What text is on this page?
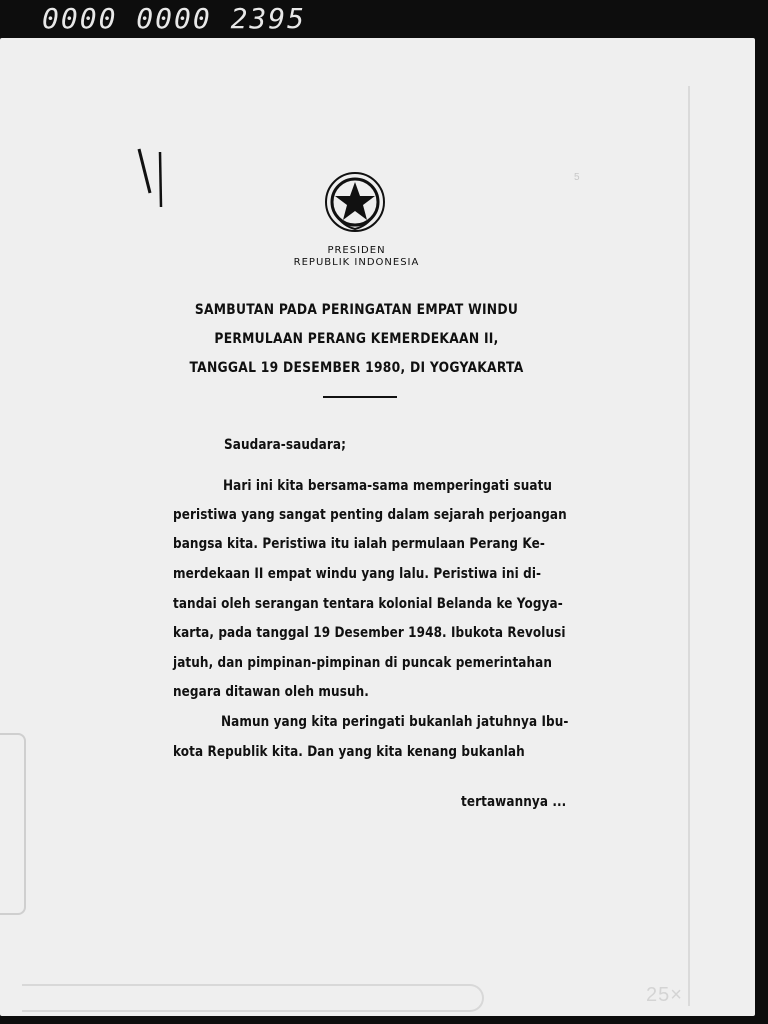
0000 0000 2395
5
PRESIDEN
REPUBLIK INDONESIA
SAMBUTAN PADA PERINGATAN EMPAT WINDU
PERMULAAN PERANG KEMERDEKAAN II,
TANGGAL 19 DESEMBER 1980, DI YOGYAKARTA
Saudara-saudara;
Hari ini kita bersama-sama memperingati suatu
peristiwa yang sangat penting dalam sejarah perjoangan
bangsa kita. Peristiwa itu ialah permulaan Perang Ke-
merdekaan II empat windu yang lalu. Peristiwa ini di-
tandai oleh serangan tentara kolonial Belanda ke Yogya-
karta, pada tanggal 19 Desember 1948. Ibukota Revolusi
jatuh, dan pimpinan-pimpinan di puncak pemerintahan
negara ditawan oleh musuh.
Namun yang kita peringati bukanlah jatuhnya Ibu-
kota Republik kita. Dan yang kita kenang bukanlah
tertawannya ...
25×
